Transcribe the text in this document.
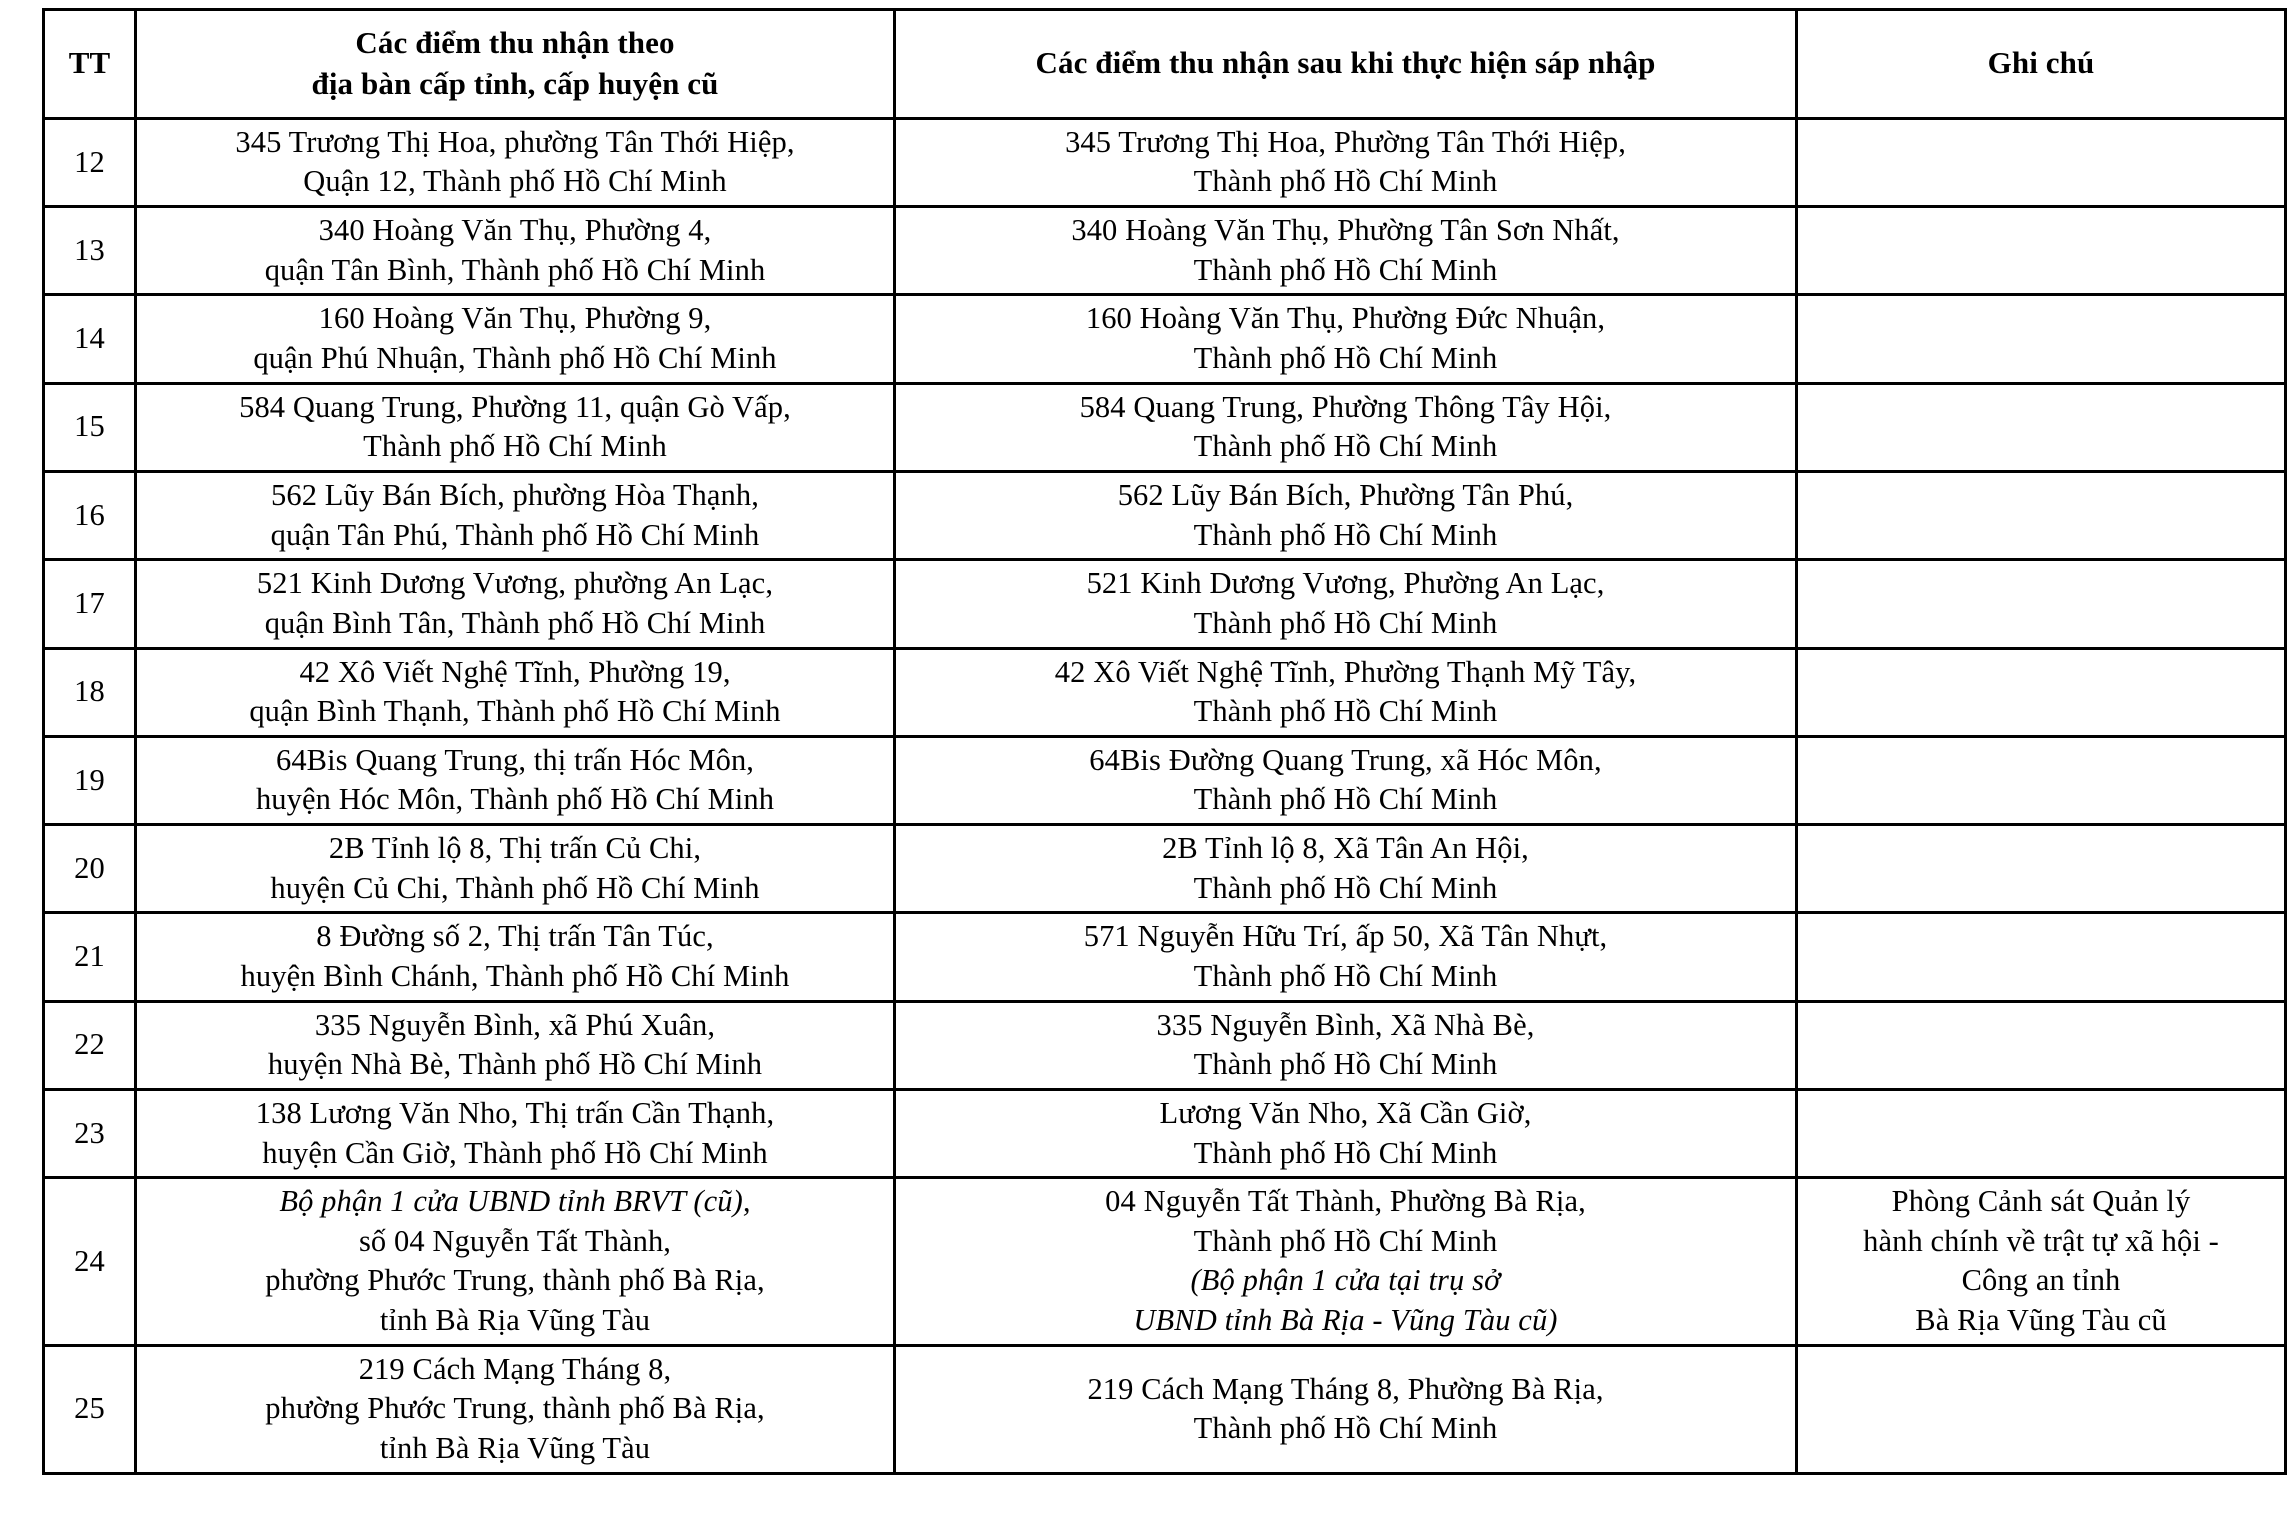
TT	Các điểm thu nhận theo
địa bàn cấp tỉnh, cấp huyện cũ	Các điểm thu nhận sau khi thực hiện sáp nhập	Ghi chú
12	345 Trương Thị Hoa, phường Tân Thới Hiệp,
Quận 12, Thành phố Hồ Chí Minh	345 Trương Thị Hoa, Phường Tân Thới Hiệp,
Thành phố Hồ Chí Minh	

13	340 Hoàng Văn Thụ, Phường 4,
quận Tân Bình, Thành phố Hồ Chí Minh	340 Hoàng Văn Thụ, Phường Tân Sơn Nhất,
Thành phố Hồ Chí Minh	

14	160 Hoàng Văn Thụ, Phường 9,
quận Phú Nhuận, Thành phố Hồ Chí Minh	160 Hoàng Văn Thụ, Phường Đức Nhuận,
Thành phố Hồ Chí Minh	

15	584 Quang Trung, Phường 11, quận Gò Vấp,
Thành phố Hồ Chí Minh	584 Quang Trung, Phường Thông Tây Hội,
Thành phố Hồ Chí Minh	

16	562 Lũy Bán Bích, phường Hòa Thạnh,
quận Tân Phú, Thành phố Hồ Chí Minh	562 Lũy Bán Bích, Phường Tân Phú,
Thành phố Hồ Chí Minh	

17	521 Kinh Dương Vương, phường An Lạc,
quận Bình Tân, Thành phố Hồ Chí Minh	521 Kinh Dương Vương, Phường An Lạc,
Thành phố Hồ Chí Minh	

18	42 Xô Viết Nghệ Tĩnh, Phường 19,
quận Bình Thạnh, Thành phố Hồ Chí Minh	42 Xô Viết Nghệ Tĩnh, Phường Thạnh Mỹ Tây,
Thành phố Hồ Chí Minh	

19	64Bis Quang Trung, thị trấn Hóc Môn,
huyện Hóc Môn, Thành phố Hồ Chí Minh	64Bis Đường Quang Trung, xã Hóc Môn,
Thành phố Hồ Chí Minh	

20	2B Tỉnh lộ 8, Thị trấn Củ Chi,
huyện Củ Chi, Thành phố Hồ Chí Minh	2B Tỉnh lộ 8, Xã Tân An Hội,
Thành phố Hồ Chí Minh	

21	8 Đường số 2, Thị trấn Tân Túc,
huyện Bình Chánh, Thành phố Hồ Chí Minh	571 Nguyễn Hữu Trí, ấp 50, Xã Tân Nhựt,
Thành phố Hồ Chí Minh	

22	335 Nguyễn Bình, xã Phú Xuân,
huyện Nhà Bè, Thành phố Hồ Chí Minh	335 Nguyễn Bình, Xã Nhà Bè,
Thành phố Hồ Chí Minh	

23	138 Lương Văn Nho, Thị trấn Cần Thạnh,
huyện Cần Giờ, Thành phố Hồ Chí Minh	Lương Văn Nho, Xã Cần Giờ,
Thành phố Hồ Chí Minh	

24	Bộ phận 1 cửa UBND tỉnh BRVT (cũ),
số 04 Nguyễn Tất Thành,
phường Phước Trung, thành phố Bà Rịa,
tỉnh Bà Rịa Vũng Tàu	04 Nguyễn Tất Thành, Phường Bà Rịa,
Thành phố Hồ Chí Minh
(Bộ phận 1 cửa tại trụ sở
UBND tỉnh Bà Rịa - Vũng Tàu cũ)	Phòng Cảnh sát Quản lý
hành chính về trật tự xã hội -
Công an tỉnh
Bà Rịa Vũng Tàu cũ

25	219 Cách Mạng Tháng 8,
phường Phước Trung, thành phố Bà Rịa,
tỉnh Bà Rịa Vũng Tàu	219 Cách Mạng Tháng 8, Phường Bà Rịa,
Thành phố Hồ Chí Minh	
